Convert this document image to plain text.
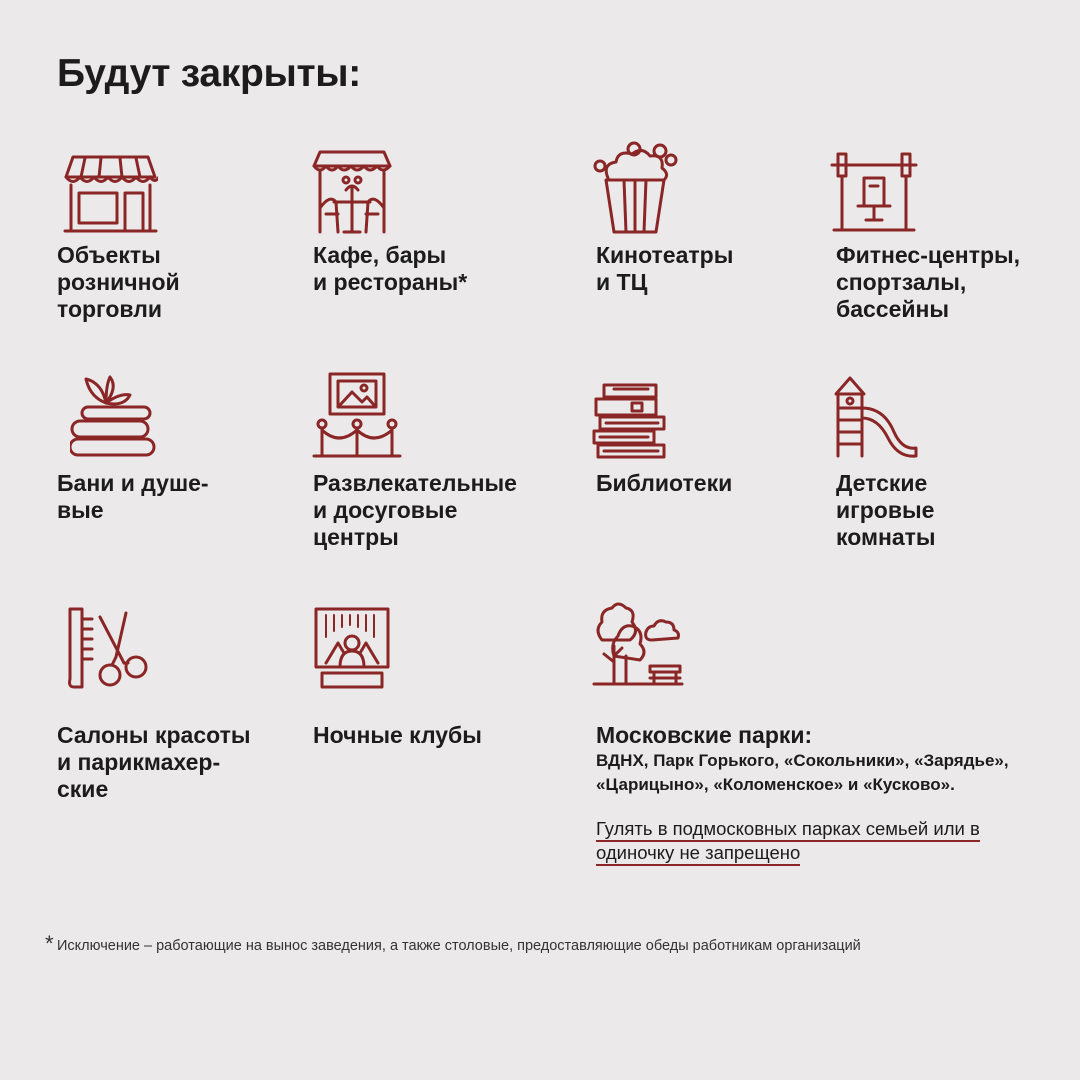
Будут закрыты:
Объекты
розничной
торговли
Кафе, бары
и рестораны*
Кинотеатры
и ТЦ
Фитнес-центры,
спортзалы,
бассейны
Бани и душе-
вые
Развлекательные
и досуговые
центры
Библиотеки	Детские
игровые
комнаты
Салоны красоты
и парикмахер-
ские
Ночные клубы	Московские парки:
ВДНХ, Парк Горького, «Сокольники», «Зарядье», «Царицыно», «Коломенское» и «Кусково».
Гулять в подмосковных парках семьей или в одиночку не запрещено
* Исключение – работающие на вынос заведения, а также столовые, предоставляющие обеды работникам организаций
